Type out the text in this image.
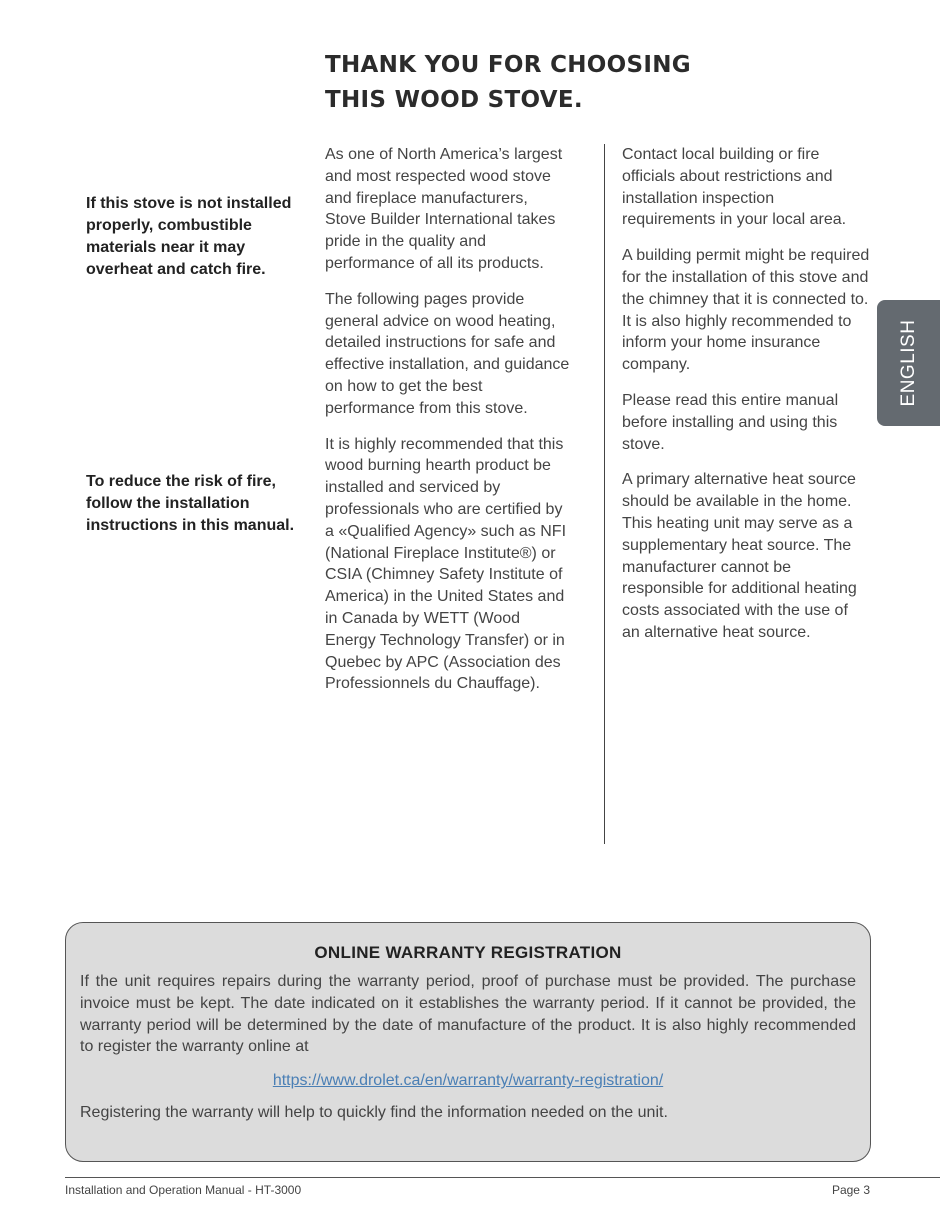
THANK YOU FOR CHOOSING
THIS WOOD STOVE.
If this stove is not installed properly, combustible materials near it may overheat and catch fire.
To reduce the risk of fire, follow the installation instructions in this manual.

As one of North America’s largest and most respected wood stove and fireplace manufacturers, Stove Builder International takes pride in the quality and performance of all its products.

The following pages provide general advice on wood heating, detailed instructions for safe and effective installation, and guidance on how to get the best performance from this stove.

It is highly recommended that this wood burning hearth product be installed and serviced by professionals who are certified by a «Qualified Agency» such as NFI (National Fireplace Institute®) or CSIA (Chimney Safety Institute of America) in the United States and in Canada by WETT (Wood Energy Technology Transfer) or in Quebec by APC (Association des Professionnels du Chauffage).

Contact local building or fire officials about restrictions and installation inspection requirements in your local area.

A building permit might be required for the installation of this stove and the chimney that it is connected to. It is also highly recommended to inform your home insurance company.

Please read this entire manual before installing and using this stove.

A primary alternative heat source should be available in the home. This heating unit may serve as a supplementary heat source. The manufacturer cannot be responsible for additional heating costs associated with the use of an alternative heat source.

ENGLISH
ONLINE WARRANTY REGISTRATION

If the unit requires repairs during the warranty period, proof of purchase must be provided. The purchase invoice must be kept. The date indicated on it establishes the warranty period. If it cannot be provided, the warranty period will be determined by the date of manufacture of the product. It is also highly recommended to register the warranty online at

https://www.drolet.ca/en/warranty/warranty-registration/

Registering the warranty will help to quickly find the information needed on the unit.

Installation and Operation Manual - HT-3000	Page 3
